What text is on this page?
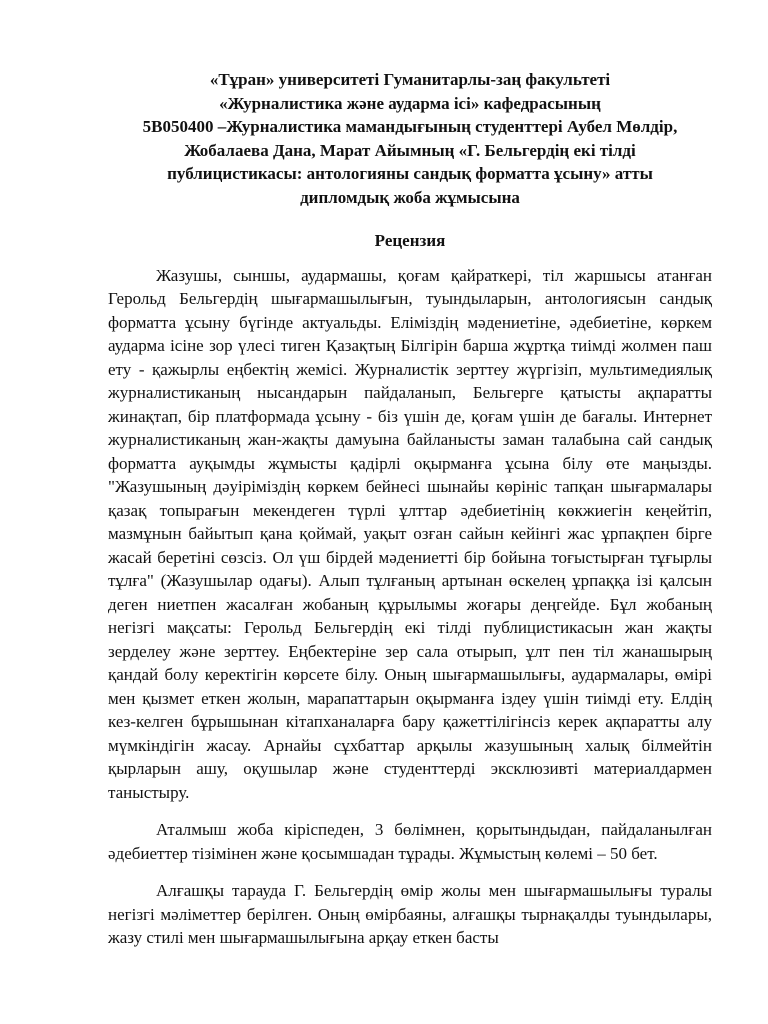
«Тұран» университеті Гуманитарлы-заң факультеті
«Журналистика және аударма ісі» кафедрасының
5В050400 –Журналистика мамандығының студенттері Аубел Мөлдір,
Жобалаева Дана, Марат Айымның «Г. Бельгердің екі тілді
публицистикасы: антологияны сандық форматта ұсыну» атты
дипломдық жоба жұмысына
Рецензия

Жазушы, сыншы, аудармашы, қоғам қайраткері, тіл жаршысы атанған Герольд Бельгердің шығармашылығын, туындыларын, антологиясын сандық форматта ұсыну бүгінде актуальды. Еліміздің мәдениетіне, әдебиетіне, көркем аударма ісіне зор үлесі тиген Қазақтың Білгірін барша жұртқа тиімді жолмен паш ету - қажырлы еңбектің жемісі. Журналистік зерттеу жүргізіп, мультимедиялық журналистиканың нысандарын пайдаланып, Бельгерге қатысты ақпаратты жинақтап, бір платформада ұсыну - біз үшін де, қоғам үшін де бағалы. Интернет журналистиканың жан-жақты дамуына байланысты заман талабына сай сандық форматта ауқымды жұмысты қадірлі оқырманға ұсына білу өте маңызды. "Жазушының дәуіріміздің көркем бейнесі шынайы көрініс тапқан шығармалары қазақ топырағын мекендеген түрлі ұлттар әдебиетінің көкжиегін кеңейтіп, мазмұнын байытып қана қоймай, уақыт озған сайын кейінгі жас ұрпақпен бірге жасай беретіні сөзсіз. Ол үш бірдей мәдениетті бір бойына тоғыстырған тұғырлы тұлға" (Жазушылар одағы). Алып тұлғаның артынан өскелең ұрпаққа ізі қалсын деген ниетпен жасалған жобаның құрылымы жоғары деңгейде. Бұл жобаның негізгі мақсаты: Герольд Бельгердің екі тілді публицистикасын жан жақты зерделеу және зерттеу. Еңбектеріне зер сала отырып, ұлт пен тіл жанашырың қандай болу керектігін көрсете білу. Оның шығармашылығы, аудармалары, өмірі мен қызмет еткен жолын, марапаттарын оқырманға іздеу үшін тиімді ету. Елдің кез-келген бұрышынан кітапханаларға бару қажеттілігінсіз керек ақпаратты алу мүмкіндігін жасау. Арнайы сұхбаттар арқылы жазушының халық білмейтін қырларын ашу, оқушылар және студенттерді эксклюзивті материалдармен таныстыру.

Аталмыш жоба кіріспеден, 3 бөлімнен, қорытындыдан, пайдаланылған әдебиеттер тізімінен және қосымшадан тұрады. Жұмыстың көлемі – 50 бет.

Алғашқы тарауда Г. Бельгердің өмір жолы мен шығармашылығы туралы негізгі мәліметтер берілген. Оның өмірбаяны, алғашқы тырнақалды туындылары, жазу стилі мен шығармашылығына арқау еткен басты
